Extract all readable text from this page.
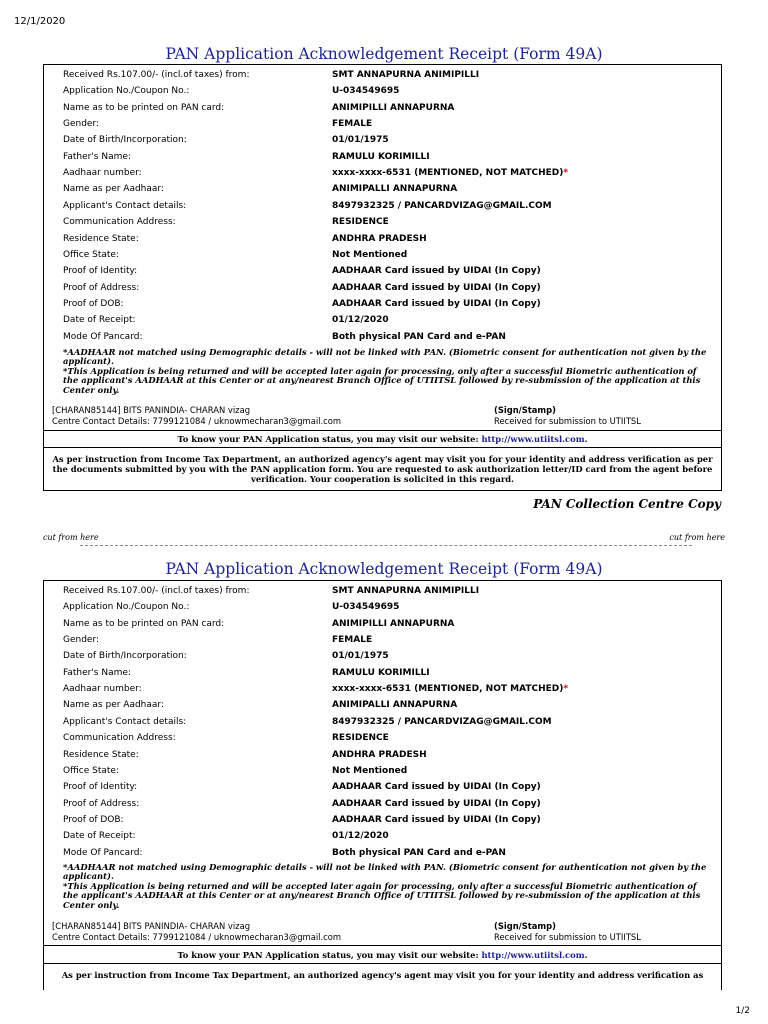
12/1/2020
PAN Application Acknowledgement Receipt (Form 49A)
Received Rs.107.00/- (incl.of taxes) from:	SMT ANNAPURNA ANIMIPILLI
Application No./Coupon No.:	U-034549695
Name as to be printed on PAN card:	ANIMIPILLI ANNAPURNA
Gender:	FEMALE
Date of Birth/Incorporation:	01/01/1975
Father's Name:	RAMULU KORIMILLI
Aadhaar number:	xxxx-xxxx-6531 (MENTIONED, NOT MATCHED)*
Name as per Aadhaar:	ANIMIPALLI ANNAPURNA
Applicant's Contact details:	8497932325 / PANCARDVIZAG@GMAIL.COM
Communication Address:	RESIDENCE
Residence State:	ANDHRA PRADESH
Office State:	Not Mentioned
Proof of Identity:	AADHAAR Card issued by UIDAI (In Copy)
Proof of Address:	AADHAAR Card issued by UIDAI (In Copy)
Proof of DOB:	AADHAAR Card issued by UIDAI (In Copy)
Date of Receipt:	01/12/2020
Mode Of Pancard:	Both physical PAN Card and e-PAN
*AADHAAR not matched using Demographic details - will not be linked with PAN. (Biometric consent for authentication not given by the applicant).
*This Application is being returned and will be accepted later again for processing, only after a successful Biometric authentication of the applicant's AADHAAR at this Center or at any/nearest Branch Office of UTIITSL followed by re-submission of the application at this Center only.
[CHARAN85144] BITS PANINDIA- CHARAN vizag
Centre Contact Details: 7799121084 / uknowmecharan3@gmail.com
(Sign/Stamp)
Received for submission to UTIITSL
To know your PAN Application status, you may visit our website: http://www.utiitsl.com.
As per instruction from Income Tax Department, an authorized agency's agent may visit you for your identity and address verification as per the documents submitted by you with the PAN application form. You are requested to ask authorization letter/ID card from the agent before verification. Your cooperation is solicited in this regard.
PAN Collection Centre Copy
cut from here	cut from here
PAN Application Acknowledgement Receipt (Form 49A)
Received Rs.107.00/- (incl.of taxes) from:	SMT ANNAPURNA ANIMIPILLI
Application No./Coupon No.:	U-034549695
Name as to be printed on PAN card:	ANIMIPILLI ANNAPURNA
Gender:	FEMALE
Date of Birth/Incorporation:	01/01/1975
Father's Name:	RAMULU KORIMILLI
Aadhaar number:	xxxx-xxxx-6531 (MENTIONED, NOT MATCHED)*
Name as per Aadhaar:	ANIMIPALLI ANNAPURNA
Applicant's Contact details:	8497932325 / PANCARDVIZAG@GMAIL.COM
Communication Address:	RESIDENCE
Residence State:	ANDHRA PRADESH
Office State:	Not Mentioned
Proof of Identity:	AADHAAR Card issued by UIDAI (In Copy)
Proof of Address:	AADHAAR Card issued by UIDAI (In Copy)
Proof of DOB:	AADHAAR Card issued by UIDAI (In Copy)
Date of Receipt:	01/12/2020
Mode Of Pancard:	Both physical PAN Card and e-PAN
*AADHAAR not matched using Demographic details - will not be linked with PAN. (Biometric consent for authentication not given by the applicant).
*This Application is being returned and will be accepted later again for processing, only after a successful Biometric authentication of the applicant's AADHAAR at this Center or at any/nearest Branch Office of UTIITSL followed by re-submission of the application at this Center only.
[CHARAN85144] BITS PANINDIA- CHARAN vizag
Centre Contact Details: 7799121084 / uknowmecharan3@gmail.com
(Sign/Stamp)
Received for submission to UTIITSL
To know your PAN Application status, you may visit our website: http://www.utiitsl.com.
As per instruction from Income Tax Department, an authorized agency's agent may visit you for your identity and address verification as
1/2
